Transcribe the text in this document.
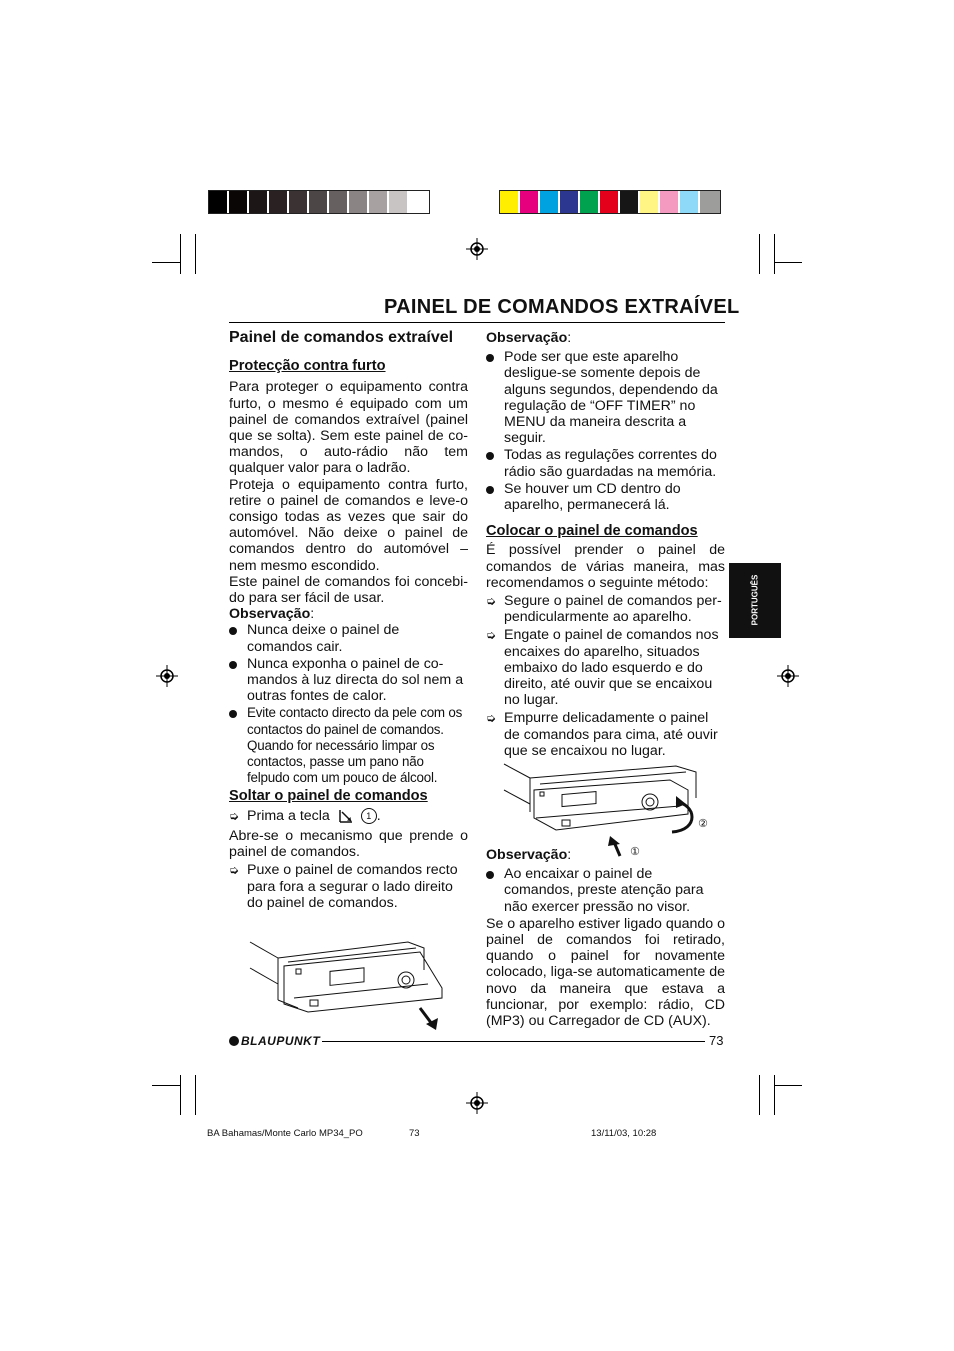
PAINEL DE COMANDOS EXTRAÍVEL
Painel de comandos extraível
Protecção contra furto

Para proteger o equipamento contra furto, o mesmo é equipado com um painel de comandos extraível (painel que se solta). Sem este painel de co-mandos, o auto-rádio não tem qualquer valor para o ladrão.

Proteja o equipamento contra furto, retire o painel de comandos e leve-o consigo todas as vezes que sair do automóvel. Não deixe o painel de comandos dentro do automóvel – nem mesmo escondido.

Este painel de comandos foi concebi-do para ser fácil de usar.

Observação:

Nunca deixe o painel de comandos cair.
Nunca exponha o painel de co-mandos à luz directa do sol nem a outras fontes de calor.
Evite contacto directo da pele com os contactos do painel de comandos. Quando for necessário limpar os contactos, passe um pano não felpudo com um pouco de álcool.
Soltar o painel de comandos
➭ Prima a tecla	1 .

Abre-se o mecanismo que prende o painel de comandos.

➭ Puxe o painel de comandos recto para fora a segurar o lado direito do painel de comandos.

Observação:

Pode ser que este aparelho desligue-se somente depois de alguns segundos, dependendo da regulação de “OFF TIMER” no MENU da maneira descrita a seguir.
Todas as regulações correntes do rádio são guardadas na memória.
Se houver um CD dentro do aparelho, permanecerá lá.
Colocar o painel de comandos

É possível prender o painel de comandos de várias maneira, mas recomendamos o seguinte método:

➭ Segure o painel de comandos per-pendicularmente ao aparelho.
➭ Engate o painel de comandos nos encaixes do aparelho, situados embaixo do lado esquerdo e do direito, até ouvir que se encaixou no lugar.
➭ Empurre delicadamente o painel de comandos para cima, até ouvir que se encaixou no lugar.
②
①

Observação:

Ao encaixar o painel de comandos, preste atenção para não exercer pressão no visor.

Se o aparelho estiver ligado quando o painel de comandos foi retirado, quando o painel for novamente colocado, liga-se automaticamente de novo da maneira que estava a funcionar, por exemplo: rádio, CD (MP3) ou Carregador de CD (AUX).

PORTUGUÊS
BLAUPUNKT	73
BA Bahamas/Monte Carlo MP34_PO	73	13/11/03, 10:28
